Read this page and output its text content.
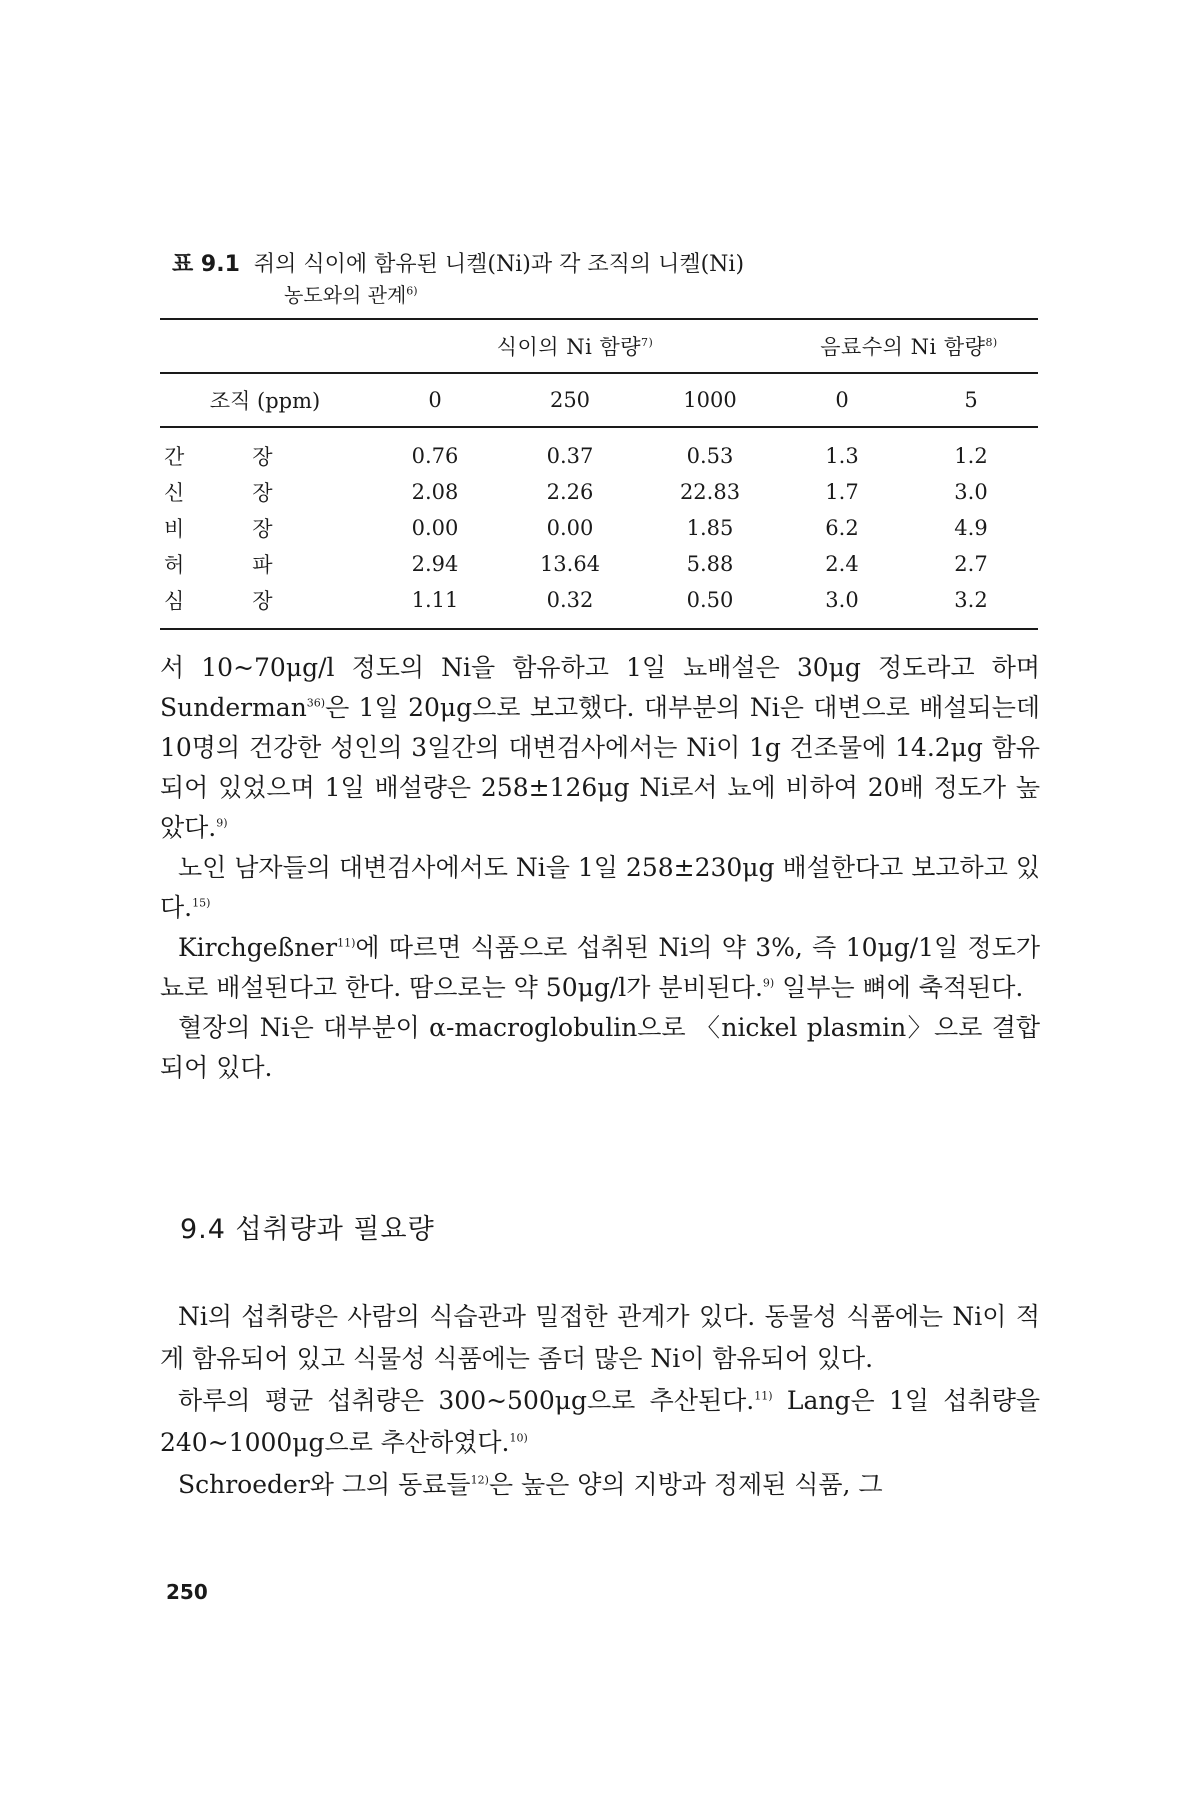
표 9.1 쥐의 식이에 함유된 니켈(Ni)과 각 조직의 니켈(Ni)
농도와의 관계$^{6)}$
	식이의 Ni 함량$^{7)}$			음료수의 Ni 함량$^{8)}$
조직 (ppm)	0	250	1000	0	5
간장	0.76	0.37	0.53	1.3	1.2
신장	2.08	2.26	22.83	1.7	3.0
비장	0.00	0.00	1.85	6.2	4.9
허파	2.94	13.64	5.88	2.4	2.7
심장	1.11	0.32	0.50	3.0	3.2

서 10~70μg/l 정도의 Ni을 함유하고 1일 뇨배설은 30μg 정도라고 하며 Sunderman$^{36)}$은 1일 20μg으로 보고했다. 대부분의 Ni은 대변으로 배설되는데 10명의 건강한 성인의 3일간의 대변검사에서는 Ni이 1g 건조물에 14.2μg 함유되어 있었으며 1일 배설량은 258±126μg Ni로서 뇨에 비하여 20배 정도가 높았다.$^{9)}$

노인 남자들의 대변검사에서도 Ni을 1일 258±230μg 배설한다고 보고하고 있다.$^{15)}$

Kirchgeßner$^{11)}$에 따르면 식품으로 섭취된 Ni의 약 3%, 즉 10μg/1일 정도가 뇨로 배설된다고 한다. 땀으로는 약 50μg/l가 분비된다.$^{9)}$ 일부는 뼈에 축적된다.

혈장의 Ni은 대부분이 α-macroglobulin으로 〈nickel plasmin〉으로 결합되어 있다.

9.4 섭취량과 필요량

Ni의 섭취량은 사람의 식습관과 밀접한 관계가 있다. 동물성 식품에는 Ni이 적게 함유되어 있고 식물성 식품에는 좀더 많은 Ni이 함유되어 있다.

하루의 평균 섭취량은 300~500μg으로 추산된다.$^{11)}$ Lang은 1일 섭취량을 240~1000μg으로 추산하였다.$^{10)}$

Schroeder와 그의 동료들$^{12)}$은 높은 양의 지방과 정제된 식품, 그

250
